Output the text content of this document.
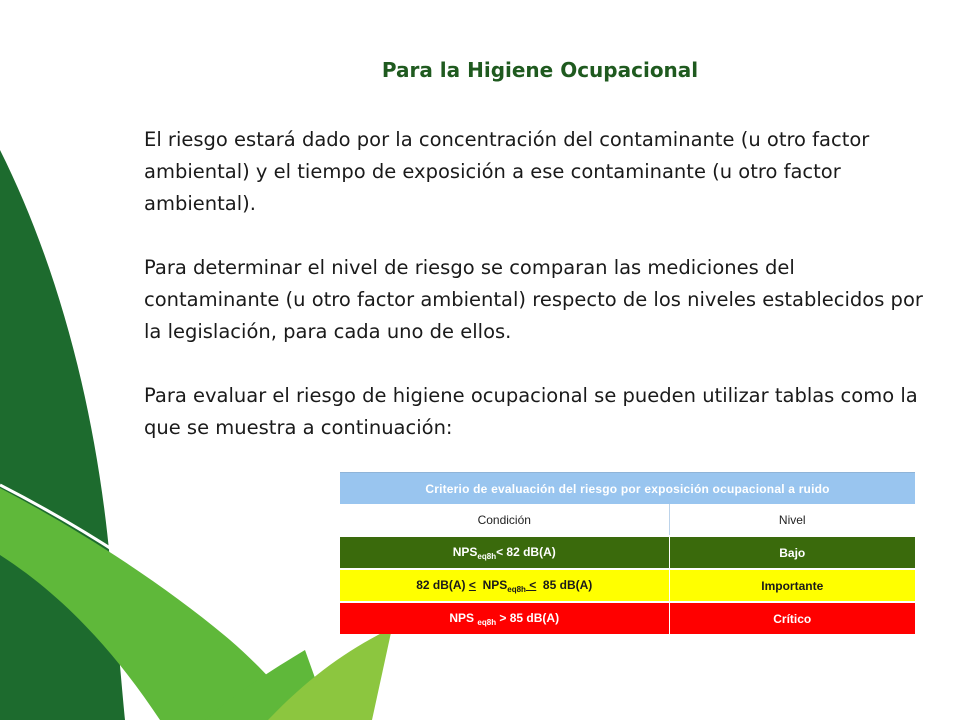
Para la Higiene Ocupacional

El riesgo estará dado por la concentración del contaminante (u otro factor ambiental) y el tiempo de exposición a ese contaminante (u otro factor ambiental).

Para determinar el nivel de riesgo se comparan las mediciones del contaminante (u otro factor ambiental) respecto de los niveles establecidos por la legislación, para cada uno de ellos.

Para evaluar el riesgo de higiene ocupacional se pueden utilizar tablas como la que se muestra a continuación:

Criterio de evaluación del riesgo por exposición ocupacional a ruido	
Condición	Nivel
$NPS_{eq8h}< 82$ dB(A)	Bajo
82 $dB(A) < NPS_{eq8h} < 85$ dB(A)	Importante
NPS $_{eq8h}$ > 85 dB(A)	Crítico
